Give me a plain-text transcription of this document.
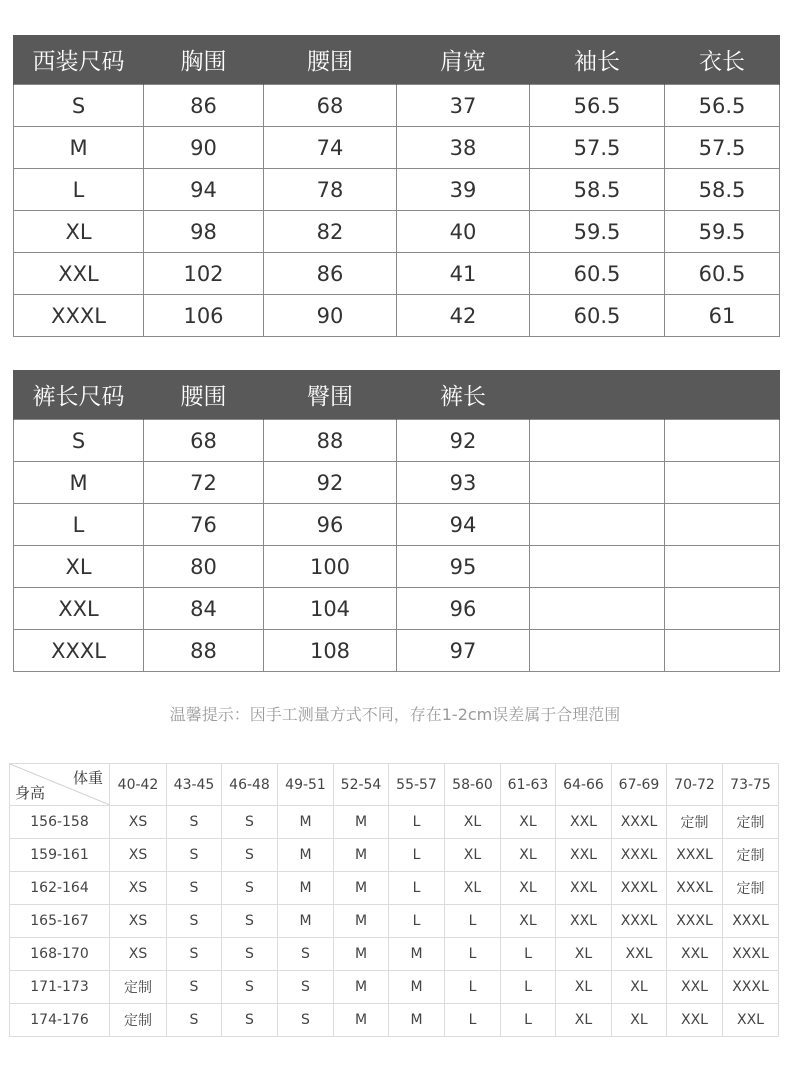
西装尺码	胸围	腰围	肩宽	袖长	衣长
S	86	68	37	56.5	56.5
M	90	74	38	57.5	57.5
L	94	78	39	58.5	58.5
XL	98	82	40	59.5	59.5
XXL	102	86	41	60.5	60.5
XXXL	106	90	42	60.5	61
裤长尺码	腰围	臀围	裤长		
S	68	88	92		
M	72	92	93		
L	76	96	94		
XL	80	100	95		
XXL	84	104	96		
XXXL	88	108	97		
温馨提示：因手工测量方式不同，存在1-2cm误差属于合理范围
体重
身高	40-42	43-45	46-48	49-51	52-54	55-57	58-60	61-63	64-66	67-69	70-72	73-75
156-158	XS	S	S	M	M	L	XL	XL	XXL	XXXL	定制	定制
159-161	XS	S	S	M	M	L	XL	XL	XXL	XXXL	XXXL	定制
162-164	XS	S	S	M	M	L	XL	XL	XXL	XXXL	XXXL	定制
165-167	XS	S	S	M	M	L	L	XL	XXL	XXXL	XXXL	XXXL
168-170	XS	S	S	S	M	M	L	L	XL	XXL	XXL	XXXL
171-173	定制	S	S	S	M	M	L	L	XL	XL	XXL	XXXL
174-176	定制	S	S	S	M	M	L	L	XL	XL	XXL	XXL
